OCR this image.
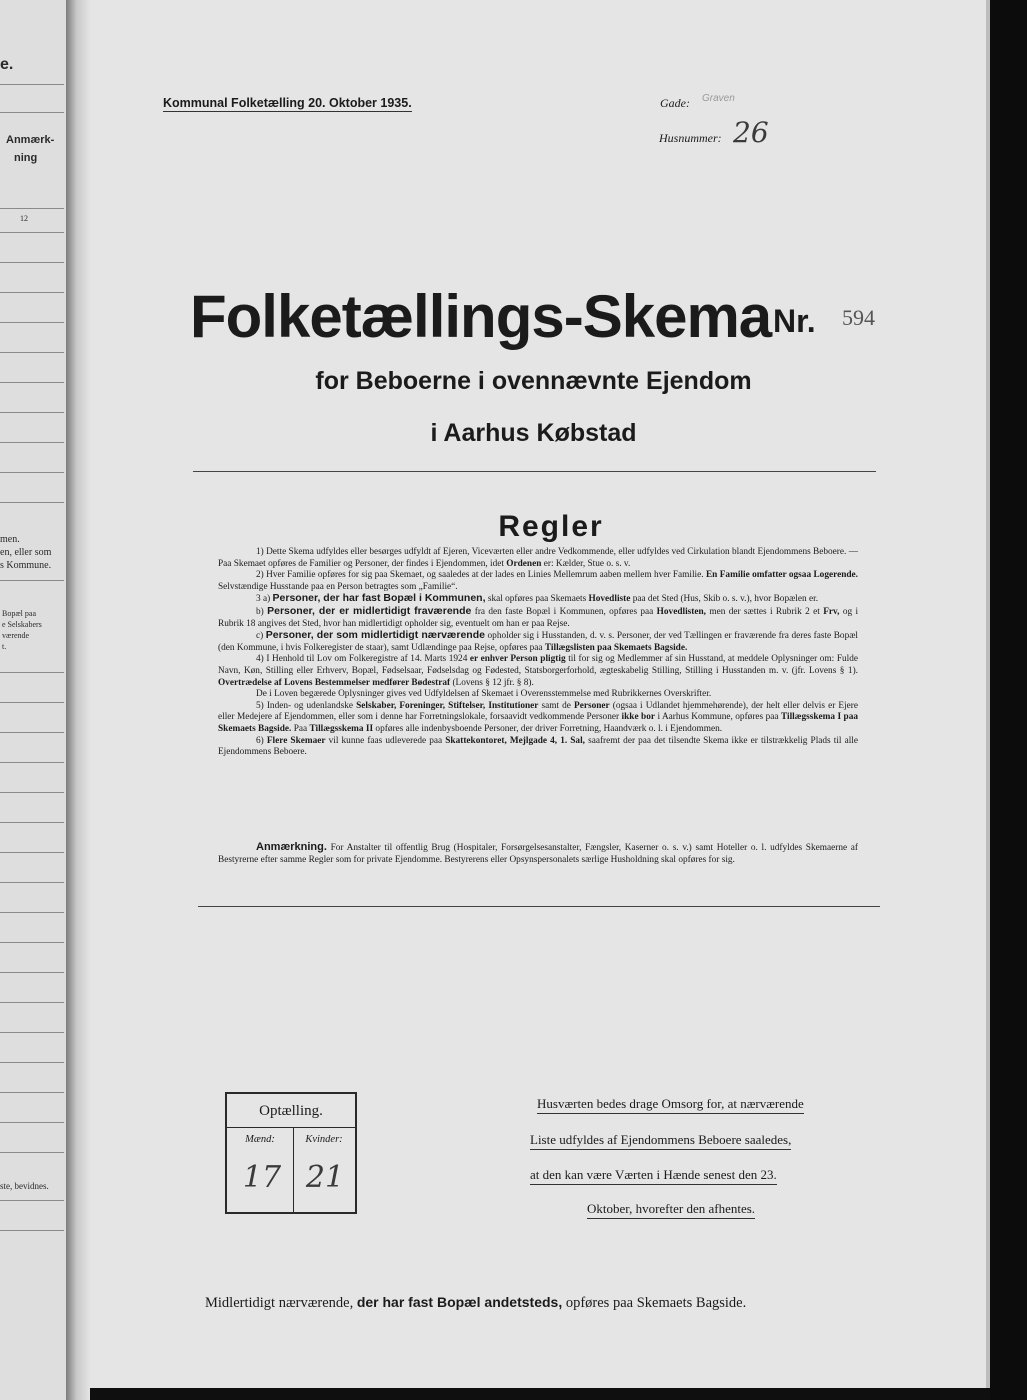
e.
Anmærk-
ning
12
men.
en, eller som
s Kommune.
Bopæl paa
e Selskabers
værende
t.
ste, bevidnes.
Kommunal Folketælling 20. Oktober 1935.	Gade: Graven
Husnummer: 26
Folketællings-Skema Nr. 594
for Beboerne i ovennævnte Ejendom
i Aarhus Købstad
Regler

1) Dette Skema udfyldes eller besørges udfyldt af Ejeren, Viceværten eller andre Vedkommende, eller udfyldes ved Cirkulation blandt Ejendommens Beboere. — Paa Skemaet opføres de Familier og Personer, der findes i Ejendommen, idet Ordenen er: Kælder, Stue o. s. v.

2) Hver Familie opføres for sig paa Skemaet, og saaledes at der lades en Linies Mellemrum aaben mellem hver Familie. En Familie omfatter ogsaa Logerende. Selvstændige Husstande paa en Person betragtes som „Familie“.

3 a) Personer, der har fast Bopæl i Kommunen, skal opføres paa Skemaets Hovedliste paa det Sted (Hus, Skib o. s. v.), hvor Bopælen er.

b) Personer, der er midlertidigt fraværende fra den faste Bopæl i Kommunen, opføres paa Hovedlisten, men der sættes i Rubrik 2 et Frv, og i Rubrik 18 angives det Sted, hvor han midlertidigt opholder sig, eventuelt om han er paa Rejse.

c) Personer, der som midlertidigt nærværende opholder sig i Husstanden, d. v. s. Personer, der ved Tællingen er fraværende fra deres faste Bopæl (den Kommune, i hvis Folkeregister de staar), samt Udlændinge paa Rejse, opføres paa Tillægslisten paa Skemaets Bagside.

4) I Henhold til Lov om Folkeregistre af 14. Marts 1924 er enhver Person pligtig til for sig og Medlemmer af sin Husstand, at meddele Oplysninger om: Fulde Navn, Køn, Stilling eller Erhverv, Bopæl, Fødselsaar, Fødselsdag og Fødested, Statsborgerforhold, ægteskabelig Stilling, Stilling i Husstanden m. v. (jfr. Lovens § 1). Overtrædelse af Lovens Bestemmelser medfører Bødestraf (Lovens § 12 jfr. § 8).

De i Loven begærede Oplysninger gives ved Udfyldelsen af Skemaet i Overensstemmelse med Rubrikkernes Overskrifter.

5) Inden- og udenlandske Selskaber, Foreninger, Stiftelser, Institutioner samt de Personer (ogsaa i Udlandet hjemmehørende), der helt eller delvis er Ejere eller Medejere af Ejendommen, eller som i denne har Forretningslokale, forsaavidt vedkommende Personer ikke bor i Aarhus Kommune, opføres paa Tillægsskema I paa Skemaets Bagside. Paa Tillægsskema II opføres alle indenbysboende Personer, der driver Forretning, Haandværk o. l. i Ejendommen.

6) Flere Skemaer vil kunne faas udleverede paa Skattekontoret, Mejlgade 4, 1. Sal, saafremt der paa det tilsendte Skema ikke er tilstrækkelig Plads til alle Ejendommens Beboere.

Anmærkning. For Anstalter til offentlig Brug (Hospitaler, Forsørgelsesanstalter, Fængsler, Kaserner o. s. v.) samt Hoteller o. l. udfyldes Skemaerne af Bestyrerne efter samme Regler som for private Ejendomme. Bestyrerens eller Opsynspersonalets særlige Husholdning skal opføres for sig.

Optælling.
Mænd:	Kvinder:
17 21
Husværten bedes drage Omsorg for, at nærværende
Liste udfyldes af Ejendommens Beboere saaledes,
at den kan være Værten i Hænde senest den 23.
Oktober, hvorefter den afhentes.
Midlertidigt nærværende, der har fast Bopæl andetsteds, opføres paa Skemaets Bagside.
